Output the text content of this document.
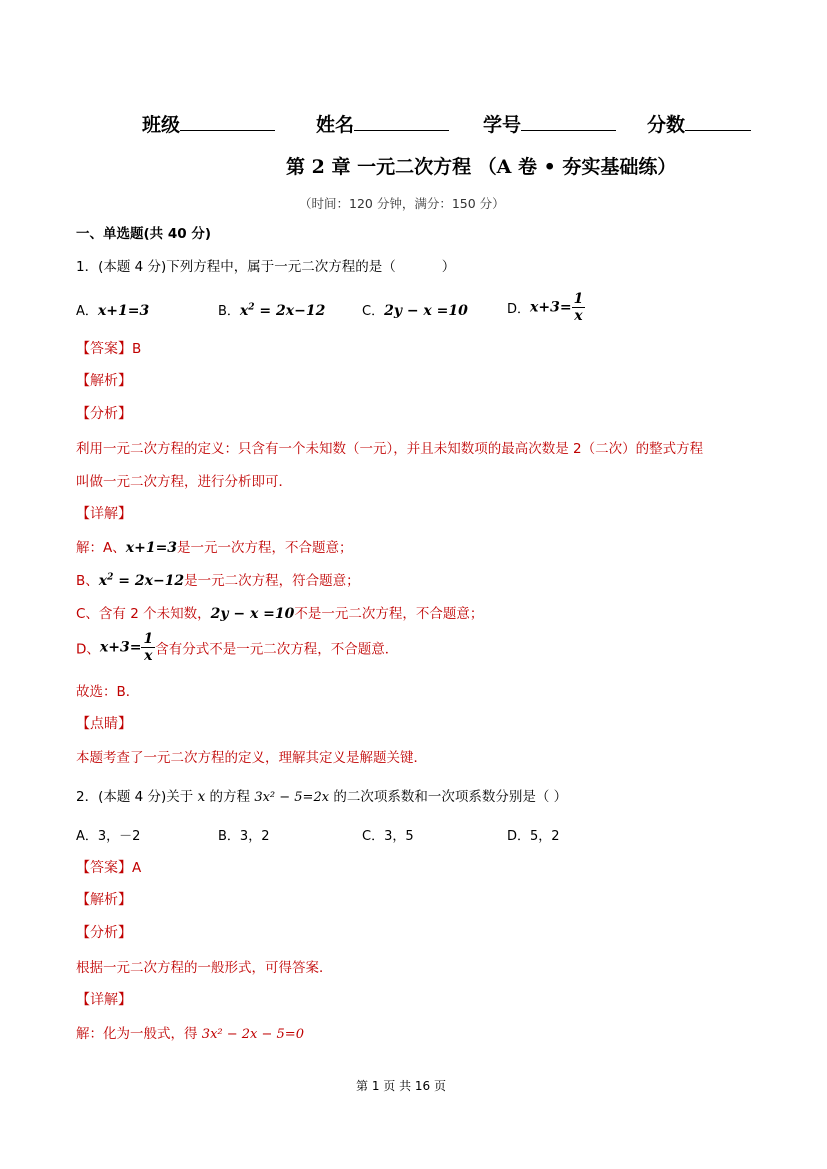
班级	姓名	学号	分数
第 2 章 一元二次方程 （A 卷 • 夯实基础练）
（时间：120 分钟，满分：150 分）
一、单选题(共 40 分)
1．(本题 4 分)下列方程中，属于一元二次方程的是（	）
A．x+1=3	B．$x^2 = 2x-12$	C．2y − x =10	D．$x+3= \frac{1}{x}$
【答案】B
【解析】
【分析】
利用一元二次方程的定义：只含有一个未知数（一元），并且未知数项的最高次数是 2（二次）的整式方程
叫做一元二次方程，进行分析即可．
【详解】
解：A、x+1=3是一元一次方程，不合题意；
B、$x^2 = 2x-12$是一元二次方程，符合题意；
C、含有 2 个未知数，2y − x =10不是一元二次方程，不合题意；
D、$x+3= \frac{1}{x}$ 含有分式不是一元二次方程，不合题意．
故选：B．
【点睛】
本题考查了一元二次方程的定义，理解其定义是解题关键．
2．(本题 4 分)关于 x 的方程 3x² − 5=2x 的二次项系数和一次项系数分别是（ ）
A．3，－2	B．3，2	C．3，5	D．5，2
【答案】A
【解析】
【分析】
根据一元二次方程的一般形式，可得答案．
【详解】
解：化为一般式，得 3x² − 2x − 5=0
第 1 页 共 16 页
